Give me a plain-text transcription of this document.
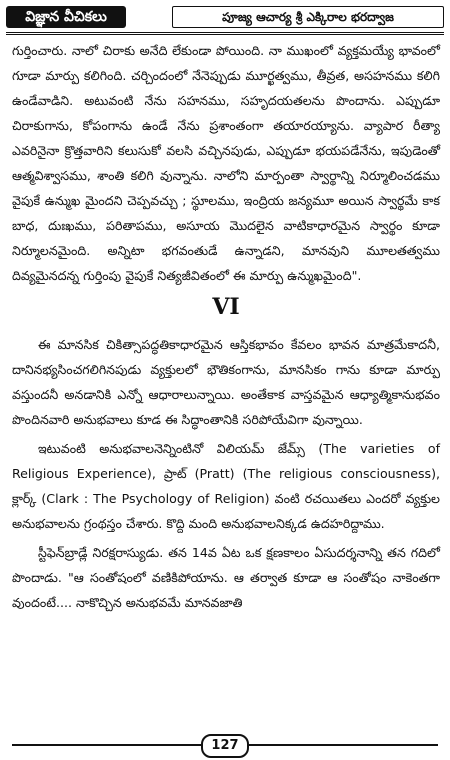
విజ్ఞాన వీచికలు	పూజ్య ఆచార్య శ్రీ ఎక్కిరాల భరద్వాజ

గుర్తించారు. నాలో చిరాకు అనేది లేకుండా పోయింది. నా ముఖంలో వ్యక్తమయ్యే భావంలో గూడా మార్పు కలిగింది. చర్చిందంలో నేనెప్పుడు మూర్ఖత్వము, తీవ్రత, అసహనము కలిగి ఉండేవాడిని. అటువంటి నేను సహనము, సహృదయతలను పొందాను. ఎప్పుడూ చిరాకుగాను, కోపంగాను ఉండే నేను ప్రశాంతంగా తయారయ్యాను. వ్యాపార రీత్యా ఎవరినైనా క్రొత్తవారిని కలుసుకో వలసి వచ్చినపుడు, ఎప్పుడూ భయపడేనేను, ఇపుడెంతో ఆత్మవిశ్వాసము, శాంతి కలిగి వున్నాను. నాలోని మార్పంతా స్వార్థాన్ని నిర్మూలించడము వైపుకే ఉన్ముఖ మైందని చెప్పవచ్చు ; స్థూలము, ఇంద్రియ జన్యమూ అయిన స్వార్థమే కాక బాధ, దుఃఖము, పరితాపము, అసూయ మొదలైన వాటికాధారమైన స్వార్థం కూడా నిర్మూలనమైంది. అన్నిటా భగవంతుడే ఉన్నాడని, మానవుని మూలతత్వము దివ్యమైనదన్న గుర్తింపు వైపుకే నిత్యజీవితంలో ఈ మార్పు ఉన్ముఖమైంది".

VI

ఈ మానసిక చికిత్సాపద్ధతికాధారమైన ఆస్తికభావం కేవలం భావన మాత్రమేకాదనీ, దానినభ్యసించగలిగినపుడు వ్యక్తులలో భౌతికంగాను, మానసికం గాను కూడా మార్పు వస్తుందనీ అనడానికి ఎన్నో ఆధారాలున్నాయి. అంతేకాక వాస్తవమైన ఆధ్యాత్మికానుభవం పొందినవారి అనుభవాలు కూడ ఈ సిద్ధాంతానికి సరిపోయేవిగా వున్నాయి.

ఇటువంటి అనుభవాలనెన్నింటినో విలియమ్ జేమ్స్ (The varieties of Religious Experience), ప్రాట్ (Pratt) (The religious consciousness), క్లార్క్ (Clark : The Psychology of Religion) వంటి రచయితలు ఎందరో వ్యక్తుల అనుభవాలను గ్రంథస్తం చేశారు. కొద్ది మంది అనుభవాలనిక్కడ ఉదహరిద్దాము.

స్టీఫెన్‌బ్రాడ్లే నిరక్షరాస్యుడు. తన 14వ ఏట ఒక క్షణకాలం ఏసుదర్శనాన్ని తన గదిలో పొందాడు. "ఆ సంతోషంలో వణికిపోయాను. ఆ తర్వాత కూడా ఆ సంతోషం నాకెంతగా వుందంటే.... నాకొచ్చిన అనుభవమే మానవజాతి

127
